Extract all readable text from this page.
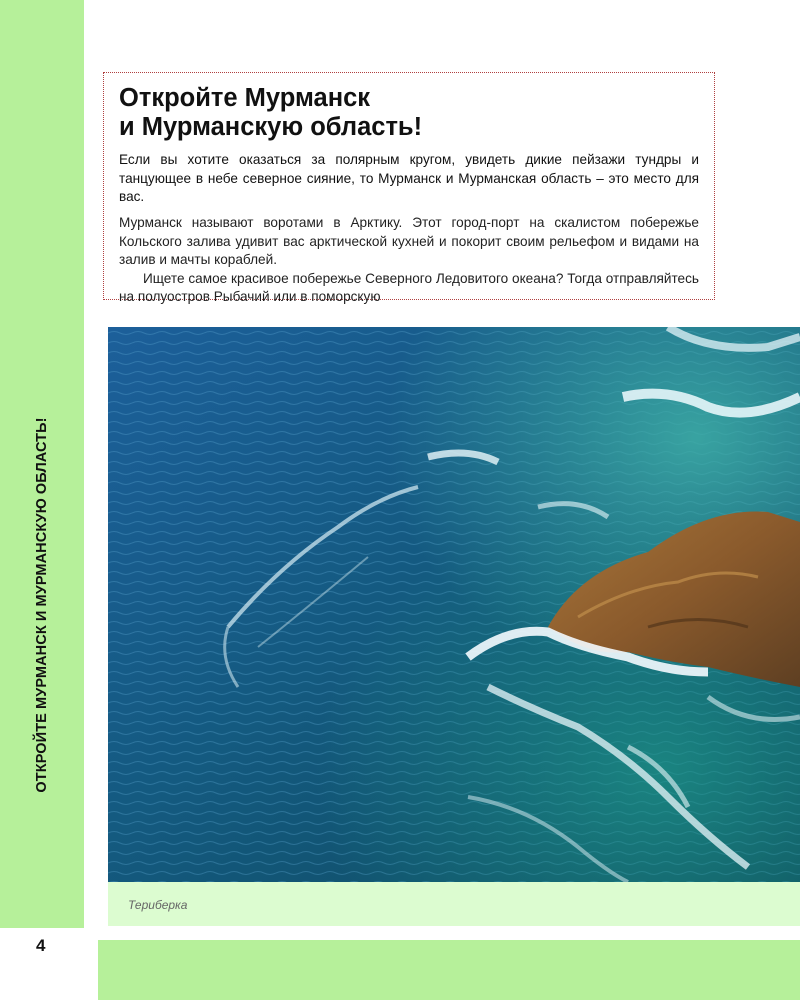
ОТКРОЙТЕ МУРМАНСК И МУРМАНСКУЮ ОБЛАСТЬ!
Откройте Мурманск
и Мурманскую область!

Если вы хотите оказаться за полярным кругом, увидеть дикие пейзажи тундры и танцующее в небе северное сияние, то Мурманск и Мурманская область – это место для вас.

Мурманск называют воротами в Арктику. Этот город-порт на скалистом побережье Кольского залива удивит вас арктической кухней и покорит своим рельефом и видами на залив и мачты кораблей.
Ищете самое красивое побережье Северного Ледовитого океана? Тогда отправляйтесь на полуостров Рыбачий или в поморскую

Териберка
4
